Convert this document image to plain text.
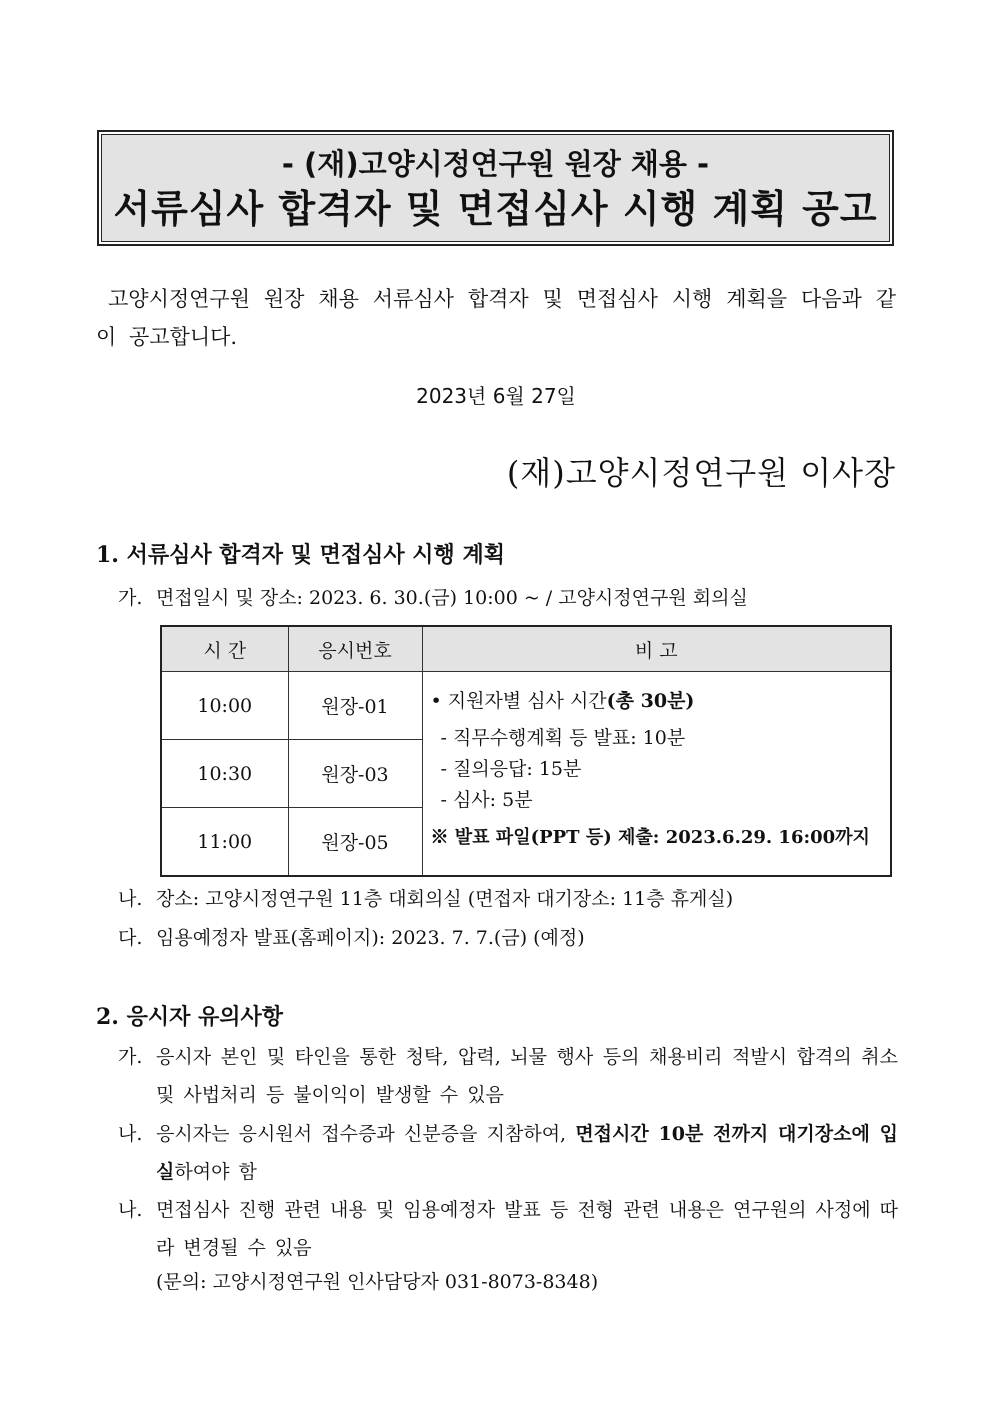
- (재)고양시정연구원 원장 채용 -
서류심사 합격자 및 면접심사 시행 계획 공고
고양시정연구원 원장 채용 서류심사 합격자 및 면접심사 시행 계획을 다음과 같이 공고합니다.
2023년 6월 27일
(재)고양시정연구원 이사장
1. 서류심사 합격자 및 면접심사 시행 계획
가. 면접일시 및 장소: 2023. 6. 30.(금) 10:00 ~ / 고양시정연구원 회의실
시 간	응시번호	비 고
10:00	원장-01	• 지원자별 심사 시간(총 30분)
- 직무수행계획 등 발표: 10분
- 질의응답: 15분
- 심사: 5분
※ 발표 파일(PPT 등) 제출: 2023.6.29. 16:00까지

10:30	원장-03	
11:00	원장-05	
나. 장소: 고양시정연구원 11층 대회의실 (면접자 대기장소: 11층 휴게실)
다. 임용예정자 발표(홈페이지): 2023. 7. 7.(금) (예정)
2. 응시자 유의사항
가. 응시자 본인 및 타인을 통한 청탁, 압력, 뇌물 행사 등의 채용비리 적발시 합격의 취소 및 사법처리 등 불이익이 발생할 수 있음
나. 응시자는 응시원서 접수증과 신분증을 지참하여, 면접시간 10분 전까지 대기장소에 입실하여야 함
나. 면접심사 진행 관련 내용 및 임용예정자 발표 등 전형 관련 내용은 연구원의 사정에 따라 변경될 수 있음
(문의: 고양시정연구원 인사담당자 031-8073-8348)
